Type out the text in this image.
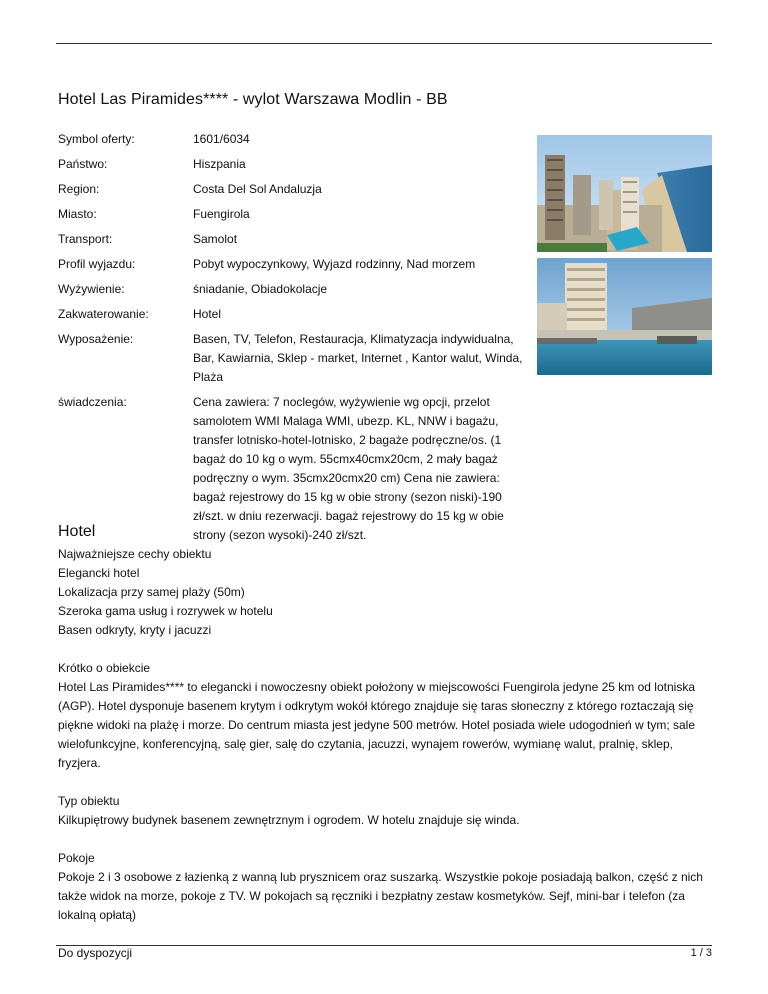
Hotel Las Piramides**** - wylot Warszawa Modlin - BB
Symbol oferty:	1601/6034
Państwo:	Hiszpania
Region:	Costa Del Sol Andaluzja
Miasto:	Fuengirola
Transport:	Samolot
Profil wyjazdu:	Pobyt wypoczynkowy, Wyjazd rodzinny, Nad morzem
Wyżywienie:	śniadanie, Obiadokolacje
Zakwaterowanie:	Hotel
Wyposażenie:	Basen, TV, Telefon, Restauracja, Klimatyzacja indywidualna, Bar, Kawiarnia, Sklep - market, Internet , Kantor walut, Winda, Plaża
świadczenia:	Cena zawiera: 7 noclegów, wyżywienie wg opcji, przelot samolotem WMI Malaga WMI, ubezp. KL, NNW i bagażu, transfer lotnisko-hotel-lotnisko, 2 bagaże podręczne/os. (1 bagaż do 10 kg o wym. 55cmx40cmx20cm, 2 mały bagaż podręczny o wym. 35cmx20cmx20 cm) Cena nie zawiera: bagaż rejestrowy do 15 kg w obie strony (sezon niski)-190 zł/szt. w dniu rezerwacji. bagaż rejestrowy do 15 kg w obie strony (sezon wysoki)-240 zł/szt.
Hotel

Najważniejsze cechy obiektu

Elegancki hotel

Lokalizacja przy samej plaży (50m)

Szeroka gama usług i rozrywek w hotelu

Basen odkryty, kryty i jacuzzi

Krótko o obiekcie

Hotel Las Piramides**** to elegancki i nowoczesny obiekt położony w miejscowości Fuengirola jedyne 25 km od lotniska (AGP). Hotel dysponuje basenem krytym i odkrytym wokół którego znajduje się taras słoneczny z którego roztaczają się piękne widoki na plażę i morze. Do centrum miasta jest jedyne 500 metrów. Hotel posiada wiele udogodnień w tym; sale wielofunkcyjne, konferencyjną, salę gier, salę do czytania, jacuzzi, wynajem rowerów, wymianę walut, pralnię, sklep, fryzjera.

Typ obiektu

Kilkupiętrowy budynek basenem zewnętrznym i ogrodem. W hotelu znajduje się winda.

Pokoje

Pokoje 2 i 3 osobowe z łazienką z wanną lub prysznicem oraz suszarką. Wszystkie pokoje posiadają balkon, część z nich także widok na morze, pokoje z TV. W pokojach są ręczniki i bezpłatny zestaw kosmetyków. Sejf, mini-bar i telefon (za lokalną opłatą)

Do dyspozycji	1 / 3
